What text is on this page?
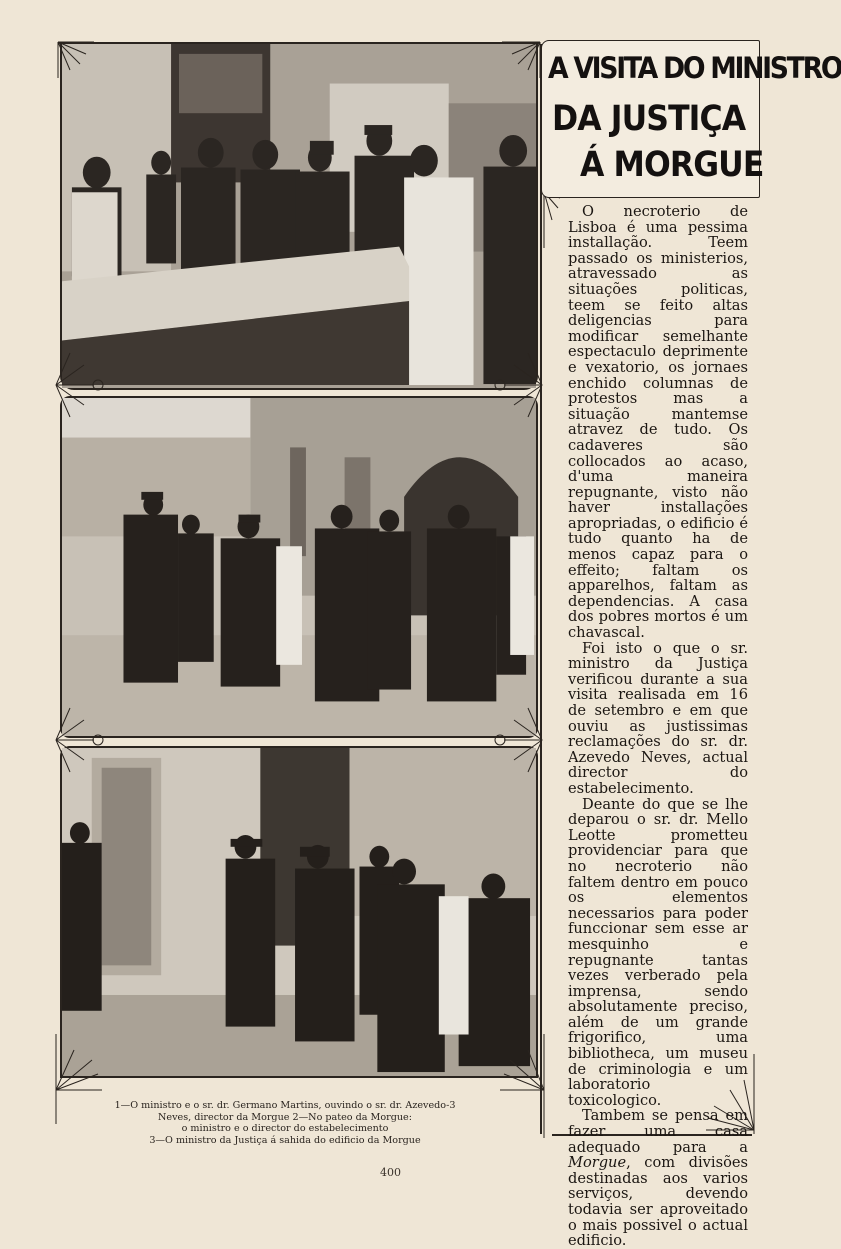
A VISITA DO MINISTRO
DA JUSTIÇA
Á MORGUE

O necroterio de Lisboa é uma pessima installação. Teem passado os ministerios, atravessado as situações politicas, teem se feito altas deligencias para modificar semelhante espectaculo deprimente e vexatorio, os jornaes enchido columnas de protestos mas a situação mantemse atravez de tudo. Os cadaveres são collocados ao acaso, d'uma maneira repugnante, visto não haver installações apropriadas, o edificio é tudo quanto ha de menos capaz para o effeito; faltam os apparelhos, faltam as dependencias. A casa dos pobres mortos é um chavascal.

Foi isto o que o sr. ministro da Justiça verificou durante a sua visita realisada em 16 de setembro e em que ouviu as justissimas reclamações do sr. dr. Azevedo Neves, actual director do estabelecimento.

Deante do que se lhe deparou o sr. dr. Mello Leotte prometteu providenciar para que no necroterio não faltem dentro em pouco os elementos necessarios para poder funccionar sem esse ar mesquinho e repugnante tantas vezes verberado pela imprensa, sendo absolutamente preciso, além de um grande frigorifico, uma bibliotheca, um museu de criminologia e um laboratorio toxicologico.

Tambem se pensa em fazer uma casa adequado para a Morgue, com divisões destinadas aos varios serviços, devendo todavia ser aproveitado o mais possivel o actual edificio.

1—O ministro e o sr. dr. Germano Martins, ouvindo o sr. dr. Azevedo-3
Neves, director da Morgue 2—No pateo da Morgue:
o ministro e o director do estabelecimento
3—O ministro da Justiça á sahida do edificio da Morgue
400
